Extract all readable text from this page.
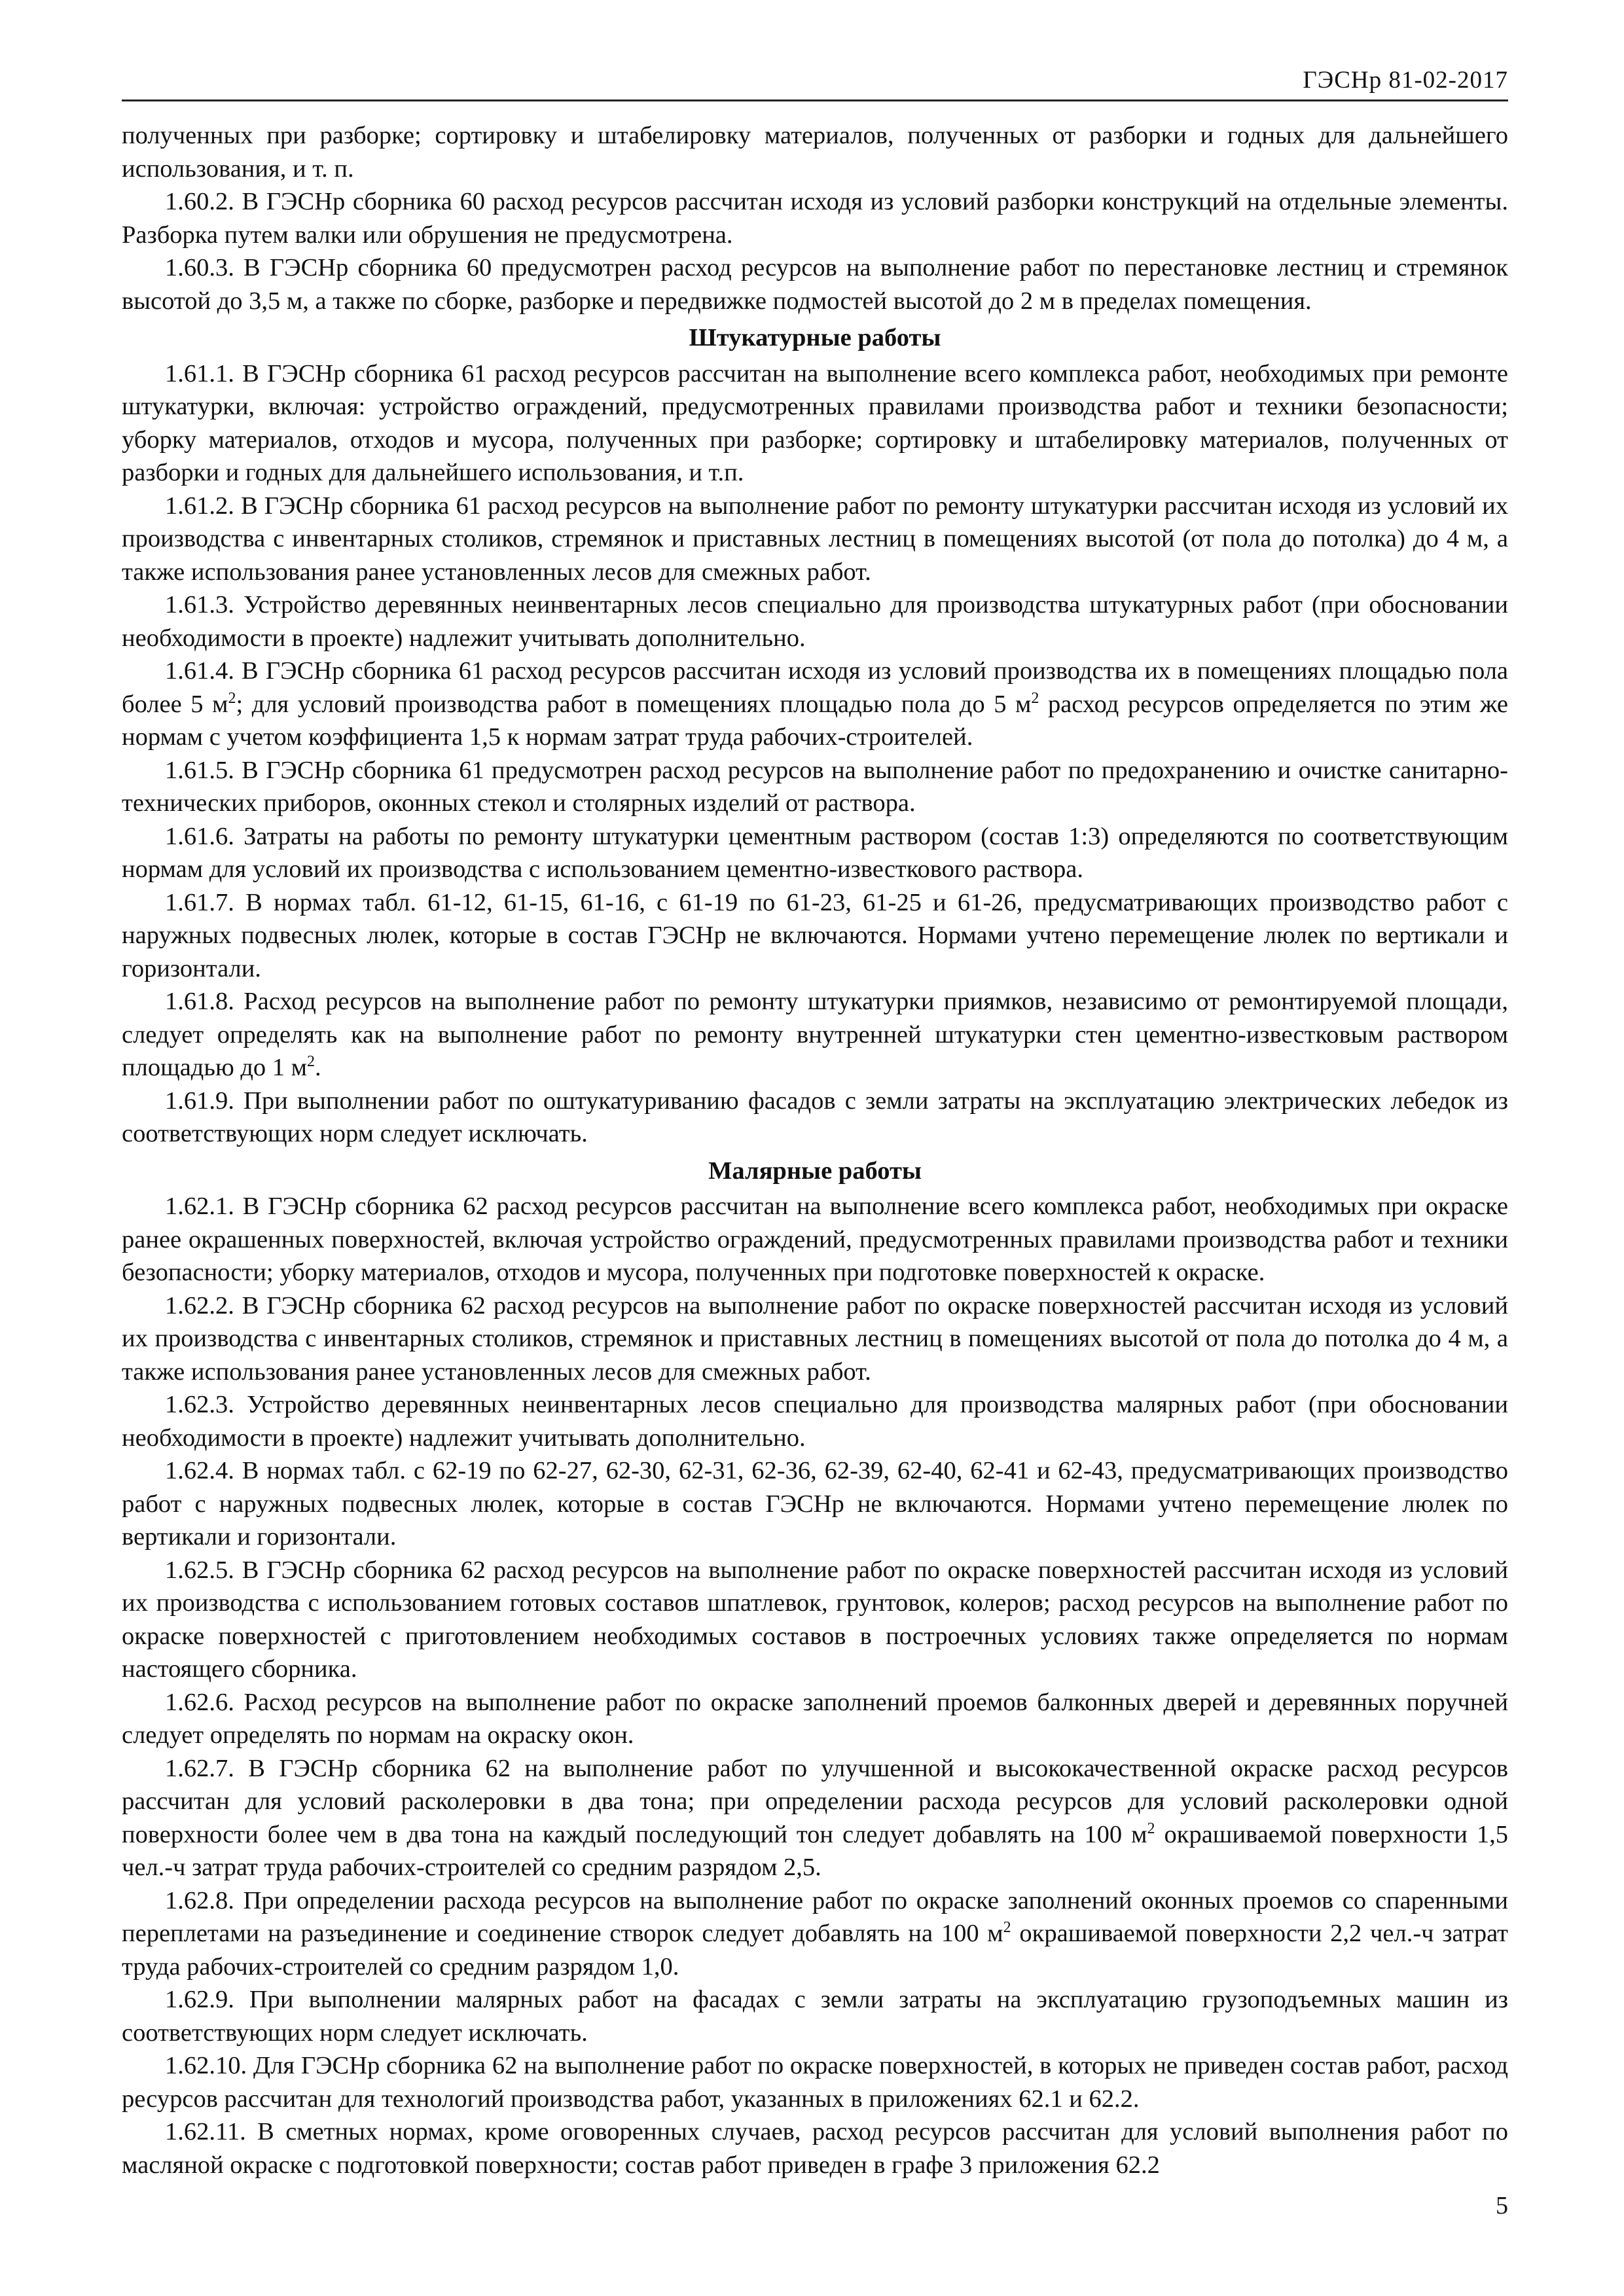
ГЭСНр 81-02-2017

полученных при разборке; сортировку и штабелировку материалов, полученных от разборки и годных для дальнейшего использования, и т. п.

1.60.2. В ГЭСНр сборника 60 расход ресурсов рассчитан исходя из условий разборки конструкций на отдельные элементы. Разборка путем валки или обрушения не предусмотрена.

1.60.3. В ГЭСНр сборника 60 предусмотрен расход ресурсов на выполнение работ по перестановке лестниц и стремянок высотой до 3,5 м, а также по сборке, разборке и передвижке подмостей высотой до 2 м в пределах помещения.

Штукатурные работы

1.61.1. В ГЭСНр сборника 61 расход ресурсов рассчитан на выполнение всего комплекса работ, необходимых при ремонте штукатурки, включая: устройство ограждений, предусмотренных правилами производства работ и техники безопасности; уборку материалов, отходов и мусора, полученных при разборке; сортировку и штабелировку материалов, полученных от разборки и годных для дальнейшего использования, и т.п.

1.61.2. В ГЭСНр сборника 61 расход ресурсов на выполнение работ по ремонту штукатурки рассчитан исходя из условий их производства с инвентарных столиков, стремянок и приставных лестниц в помещениях высотой (от пола до потолка) до 4 м, а также использования ранее установленных лесов для смежных работ.

1.61.3. Устройство деревянных неинвентарных лесов специально для производства штукатурных работ (при обосновании необходимости в проекте) надлежит учитывать дополнительно.

1.61.4. В ГЭСНр сборника 61 расход ресурсов рассчитан исходя из условий производства их в помещениях площадью пола более 5 $м^2$; для условий производства работ в помещениях площадью пола до 5 $м^2$ расход ресурсов определяется по этим же нормам с учетом коэффициента 1,5 к нормам затрат труда рабочих-строителей.

1.61.5. В ГЭСНр сборника 61 предусмотрен расход ресурсов на выполнение работ по предохранению и очистке санитарно-технических приборов, оконных стекол и столярных изделий от раствора.

1.61.6. Затраты на работы по ремонту штукатурки цементным раствором (состав 1:3) определяются по соответствующим нормам для условий их производства с использованием цементно-известкового раствора.

1.61.7. В нормах табл. 61-12, 61-15, 61-16, с 61-19 по 61-23, 61-25 и 61-26, предусматривающих производство работ с наружных подвесных люлек, которые в состав ГЭСНр не включаются. Нормами учтено перемещение люлек по вертикали и горизонтали.

1.61.8. Расход ресурсов на выполнение работ по ремонту штукатурки приямков, независимо от ремонтируемой площади, следует определять как на выполнение работ по ремонту внутренней штукатурки стен цементно-известковым раствором площадью до 1 $м^2$.

1.61.9. При выполнении работ по оштукатуриванию фасадов с земли затраты на эксплуатацию электрических лебедок из соответствующих норм следует исключать.

Малярные работы

1.62.1. В ГЭСНр сборника 62 расход ресурсов рассчитан на выполнение всего комплекса работ, необходимых при окраске ранее окрашенных поверхностей, включая устройство ограждений, предусмотренных правилами производства работ и техники безопасности; уборку материалов, отходов и мусора, полученных при подготовке поверхностей к окраске.

1.62.2. В ГЭСНр сборника 62 расход ресурсов на выполнение работ по окраске поверхностей рассчитан исходя из условий их производства с инвентарных столиков, стремянок и приставных лестниц в помещениях высотой от пола до потолка до 4 м, а также использования ранее установленных лесов для смежных работ.

1.62.3. Устройство деревянных неинвентарных лесов специально для производства малярных работ (при обосновании необходимости в проекте) надлежит учитывать дополнительно.

1.62.4. В нормах табл. с 62-19 по 62-27, 62-30, 62-31, 62-36, 62-39, 62-40, 62-41 и 62-43, предусматривающих производство работ с наружных подвесных люлек, которые в состав ГЭСНр не включаются. Нормами учтено перемещение люлек по вертикали и горизонтали.

1.62.5. В ГЭСНр сборника 62 расход ресурсов на выполнение работ по окраске поверхностей рассчитан исходя из условий их производства с использованием готовых составов шпатлевок, грунтовок, колеров; расход ресурсов на выполнение работ по окраске поверхностей с приготовлением необходимых составов в построечных условиях также определяется по нормам настоящего сборника.

1.62.6. Расход ресурсов на выполнение работ по окраске заполнений проемов балконных дверей и деревянных поручней следует определять по нормам на окраску окон.

1.62.7. В ГЭСНр сборника 62 на выполнение работ по улучшенной и высококачественной окраске расход ресурсов рассчитан для условий расколеровки в два тона; при определении расхода ресурсов для условий расколеровки одной поверхности более чем в два тона на каждый последующий тон следует добавлять на 100 $м^2$ окрашиваемой поверхности 1,5 чел.-ч затрат труда рабочих-строителей со средним разрядом 2,5.

1.62.8. При определении расхода ресурсов на выполнение работ по окраске заполнений оконных проемов со спаренными переплетами на разъединение и соединение створок следует добавлять на 100 $м^2$ окрашиваемой поверхности 2,2 чел.-ч затрат труда рабочих-строителей со средним разрядом 1,0.

1.62.9. При выполнении малярных работ на фасадах с земли затраты на эксплуатацию грузоподъемных машин из соответствующих норм следует исключать.

1.62.10. Для ГЭСНр сборника 62 на выполнение работ по окраске поверхностей, в которых не приведен состав работ, расход ресурсов рассчитан для технологий производства работ, указанных в приложениях 62.1 и 62.2.

1.62.11. В сметных нормах, кроме оговоренных случаев, расход ресурсов рассчитан для условий выполнения работ по масляной окраске с подготовкой поверхности; состав работ приведен в графе 3 приложения 62.2

5
